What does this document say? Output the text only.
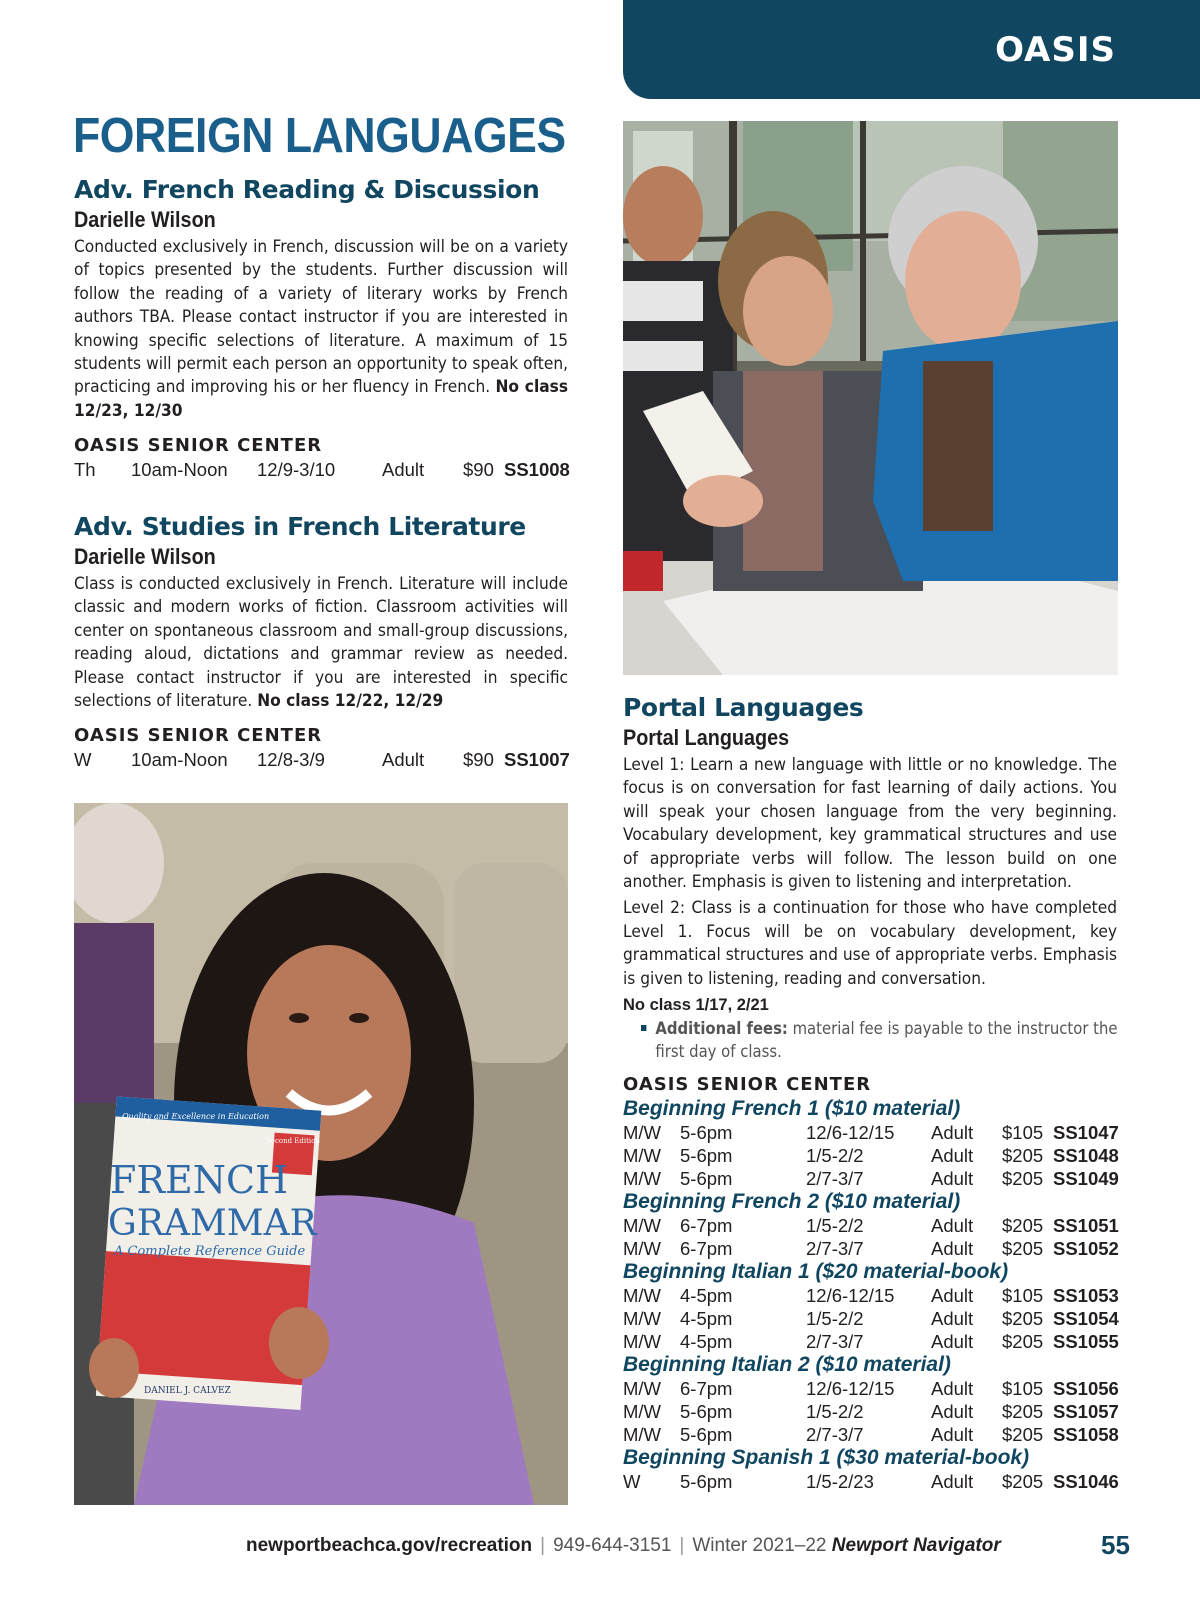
OASIS
FOREIGN LANGUAGES
Adv. French Reading & Discussion
Darielle Wilson

Conducted exclusively in French, discussion will be on a variety of topics presented by the students. Further discussion will follow the reading of a variety of literary works by French authors TBA. Please contact instructor if you are interested in knowing specific selections of literature. A maximum of 15 students will permit each person an opportunity to speak often, practicing and improving his or her fluency in French. No class 12/23, 12/30

OASIS SENIOR CENTER
Th 10am-Noon 12/9-3/10	Adult $90 SS1008
Adv. Studies in French Literature
Darielle Wilson

Class is conducted exclusively in French. Literature will include classic and modern works of fiction. Classroom activities will center on spontaneous classroom and small-group discussions, reading aloud, dictations and grammar review as needed. Please contact instructor if you are interested in specific selections of literature. No class 12/22, 12/29

OASIS SENIOR CENTER
W 10am-Noon 12/8-3/9	Adult $90 SS1007
Portal Languages
Portal Languages

Level 1: Learn a new language with little or no knowledge. The focus is on conversation for fast learning of daily actions. You will speak your chosen language from the very beginning. Vocabulary development, key grammatical structures and use of appropriate verbs will follow. The lesson build on one another. Emphasis is given to listening and interpretation.

Level 2: Class is a continuation for those who have completed Level 1. Focus will be on vocabulary development, key grammatical structures and use of appropriate verbs. Emphasis is given to listening, reading and conversation.

No class 1/17, 2/21
Additional fees: material fee is payable to the instructor the first day of class.
OASIS SENIOR CENTER
Beginning French 1 ($10 material)
M/W 5-6pm	12/6-12/15 Adult $105 SS1047
M/W 5-6pm	1/5-2/2	Adult $205 SS1048
M/W 5-6pm	2/7-3/7	Adult $205 SS1049
Beginning French 2 ($10 material)
M/W 6-7pm	1/5-2/2	Adult $205 SS1051
M/W 6-7pm	2/7-3/7	Adult $205 SS1052
Beginning Italian 1 ($20 material-book)
M/W 4-5pm	12/6-12/15 Adult $105 SS1053
M/W 4-5pm	1/5-2/2	Adult $205 SS1054
M/W 4-5pm	2/7-3/7	Adult $205 SS1055
Beginning Italian 2 ($10 material)
M/W 6-7pm	12/6-12/15 Adult $105 SS1056
M/W 5-6pm	1/5-2/2	Adult $205 SS1057
M/W 5-6pm	2/7-3/7	Adult $205 SS1058
Beginning Spanish 1 ($30 material-book)
W 5-6pm	1/5-2/23	Adult $205 SS1046
Quality and Excellence in Education
Second Edition
FRENCH
GRAMMAR
A Complete Reference Guide
DANIEL J. CALVEZ
newportbeachca.gov/recreation | 949-644-3151 | Winter 2021–22 Newport Navigator	55
